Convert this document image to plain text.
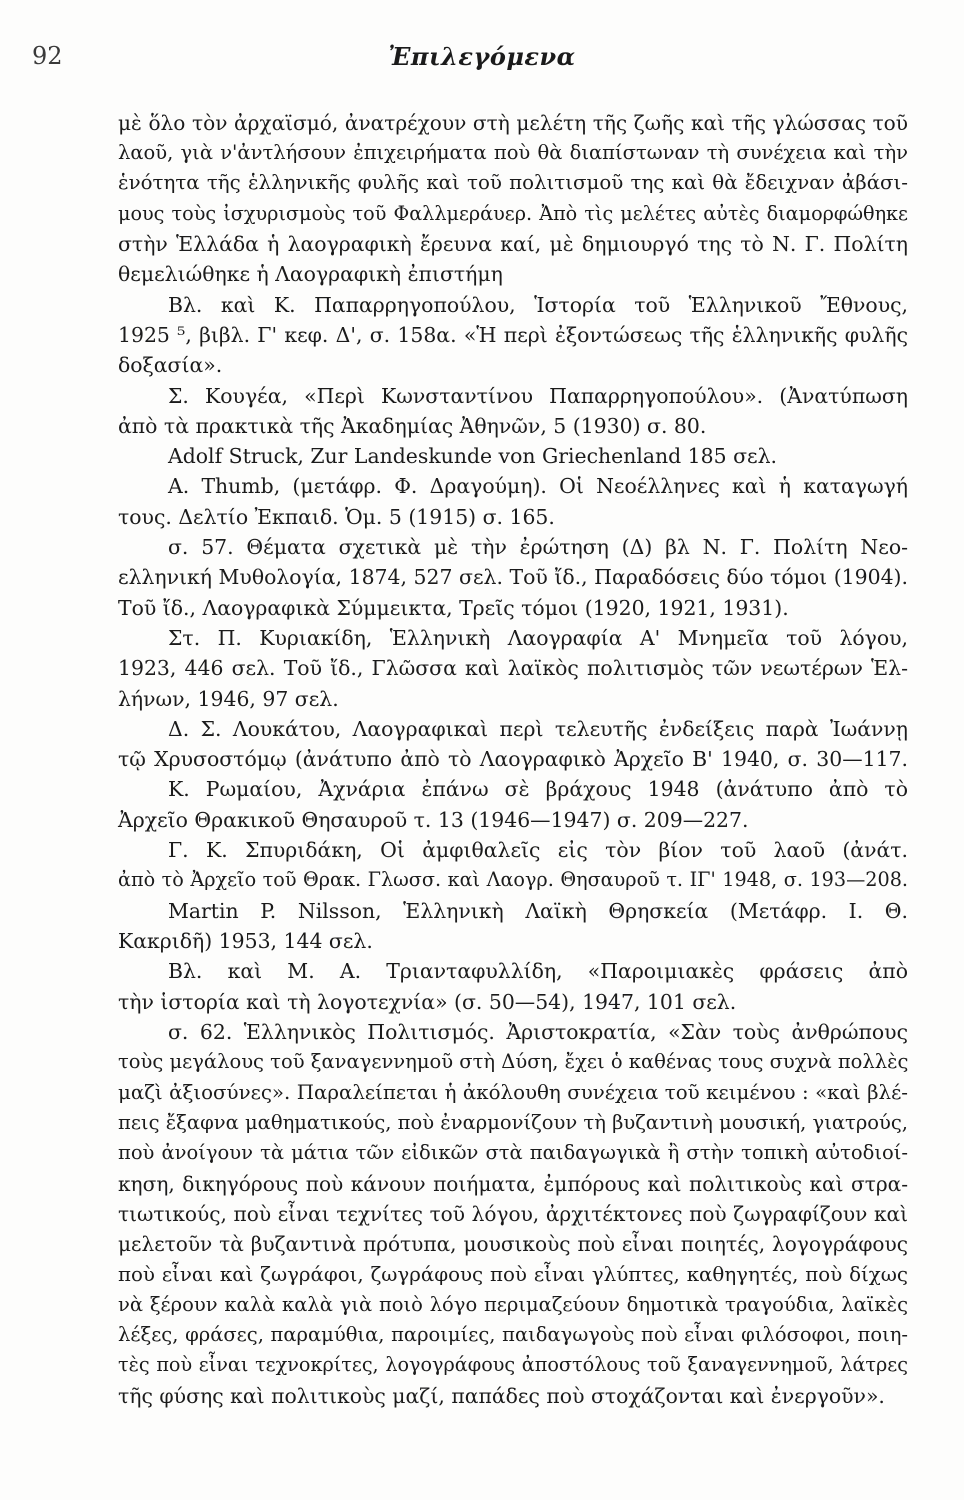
92	Ἐπιλεγόμενα
μὲ ὅλο τὸν ἀρχαϊσμό, ἀνατρέχουν στὴ μελέτη τῆς ζωῆς καὶ τῆς γλώσσας τοῦ
λαοῦ, γιὰ ν'ἀντλήσουν ἐπιχειρήματα ποὺ θὰ διαπίστωναν τὴ συνέχεια καὶ τὴν
ἑνότητα τῆς ἑλληνικῆς φυλῆς καὶ τοῦ πολιτισμοῦ της καὶ θὰ ἔδειχναν ἀβάσι-
μους τοὺς ἰσχυρισμοὺς τοῦ Φαλλμεράυερ. Ἀπὸ τὶς μελέτες αὐτὲς διαμορφώθηκε
στὴν Ἑλλάδα ἡ λαογραφικὴ ἔρευνα καί, μὲ δημιουργό της τὸ Ν. Γ. Πολίτη
θεμελιώθηκε ἡ Λαογραφικὴ ἐπιστήμη
Βλ. καὶ Κ. Παπαρρηγοπούλου, Ἱστορία τοῦ Ἑλληνικοῦ Ἔθνους,
1925 ⁵, βιβλ. Γ' κεφ. Δ', σ. 158α. «Ἡ περὶ ἐξοντώσεως τῆς ἑλληνικῆς φυλῆς
δοξασία».
Σ. Κουγέα, «Περὶ Κωνσταντίνου Παπαρρηγοπούλου». (Ἀνατύπωση
ἀπὸ τὰ πρακτικὰ τῆς Ἀκαδημίας Ἀθηνῶν, 5 (1930) σ. 80.
Adolf Struck, Zur Landeskunde von Griechenland 185 σελ.
A. Thumb, (μετάφρ. Φ. Δραγούμη). Οἱ Νεοέλληνες καὶ ἡ καταγωγή
τους. Δελτίο Ἐκπαιδ. Ὁμ. 5 (1915) σ. 165.
σ. 57. Θέματα σχετικὰ μὲ τὴν ἐρώτηση (Δ) βλ Ν. Γ. Πολίτη Νεο-
ελληνική Μυθολογία, 1874, 527 σελ. Τοῦ ἴδ., Παραδόσεις δύο τόμοι (1904).
Τοῦ ἴδ., Λαογραφικὰ Σύμμεικτα, Τρεῖς τόμοι (1920, 1921, 1931).
Στ. Π. Κυριακίδη, Ἑλληνικὴ Λαογραφία Α' Μνημεῖα τοῦ λόγου,
1923, 446 σελ. Τοῦ ἴδ., Γλῶσσα καὶ λαϊκὸς πολιτισμὸς τῶν νεωτέρων Ἑλ-
λήνων, 1946, 97 σελ.
Δ. Σ. Λουκάτου, Λαογραφικαὶ περὶ τελευτῆς ἐνδείξεις παρὰ Ἰωάννῃ
τῷ Χρυσοστόμῳ (ἀνάτυπο ἀπὸ τὸ Λαογραφικὸ Ἀρχεῖο Β' 1940, σ. 30—117.
Κ. Ρωμαίου, Ἀχνάρια ἐπάνω σὲ βράχους 1948 (ἀνάτυπο ἀπὸ τὸ
Ἀρχεῖο Θρακικοῦ Θησαυροῦ τ. 13 (1946—1947) σ. 209—227.
Γ. Κ. Σπυριδάκη, Οἱ ἀμφιθαλεῖς εἰς τὸν βίον τοῦ λαοῦ (ἀνάτ.
ἀπὸ τὸ Ἀρχεῖο τοῦ Θρακ. Γλωσσ. καὶ Λαογρ. Θησαυροῦ τ. ΙΓ' 1948, σ. 193—208.
Martin P. Nilsson, Ἑλληνικὴ Λαϊκὴ Θρησκεία (Μετάφρ. Ι. Θ.
Κακριδῆ) 1953, 144 σελ.
Βλ. καὶ Μ. Α. Τριανταφυλλίδη, «Παροιμιακὲς φράσεις ἀπὸ
τὴν ἱστορία καὶ τὴ λογοτεχνία» (σ. 50—54), 1947, 101 σελ.
σ. 62. Ἑλληνικὸς Πολιτισμός. Ἀριστοκρατία, «Σὰν τοὺς ἀνθρώπους
τοὺς μεγάλους τοῦ ξαναγεννημοῦ στὴ Δύση, ἔχει ὁ καθένας τους συχνὰ πολλὲς
μαζὶ ἀξιοσύνες». Παραλείπεται ἡ ἀκόλουθη συνέχεια τοῦ κειμένου : «καὶ βλέ-
πεις ἔξαφνα μαθηματικούς, ποὺ ἐναρμονίζουν τὴ βυζαντινὴ μουσική, γιατρούς,
ποὺ ἀνοίγουν τὰ μάτια τῶν εἰδικῶν στὰ παιδαγωγικὰ ἢ στὴν τοπικὴ αὐτοδιοί-
κηση, δικηγόρους ποὺ κάνουν ποιήματα, ἐμπόρους καὶ πολιτικοὺς καὶ στρα-
τιωτικούς, ποὺ εἶναι τεχνίτες τοῦ λόγου, ἀρχιτέκτονες ποὺ ζωγραφίζουν καὶ
μελετοῦν τὰ βυζαντινὰ πρότυπα, μουσικοὺς ποὺ εἶναι ποιητές, λογογράφους
ποὺ εἶναι καὶ ζωγράφοι, ζωγράφους ποὺ εἶναι γλύπτες, καθηγητές, ποὺ δίχως
νὰ ξέρουν καλὰ καλὰ γιὰ ποιὸ λόγο περιμαζεύουν δημοτικὰ τραγούδια, λαϊκὲς
λέξες, φράσες, παραμύθια, παροιμίες, παιδαγωγοὺς ποὺ εἶναι φιλόσοφοι, ποιη-
τὲς ποὺ εἶναι τεχνοκρίτες, λογογράφους ἀποστόλους τοῦ ξαναγεννημοῦ, λάτρες
τῆς φύσης καὶ πολιτικοὺς μαζί, παπάδες ποὺ στοχάζονται καὶ ἐνεργοῦν».
